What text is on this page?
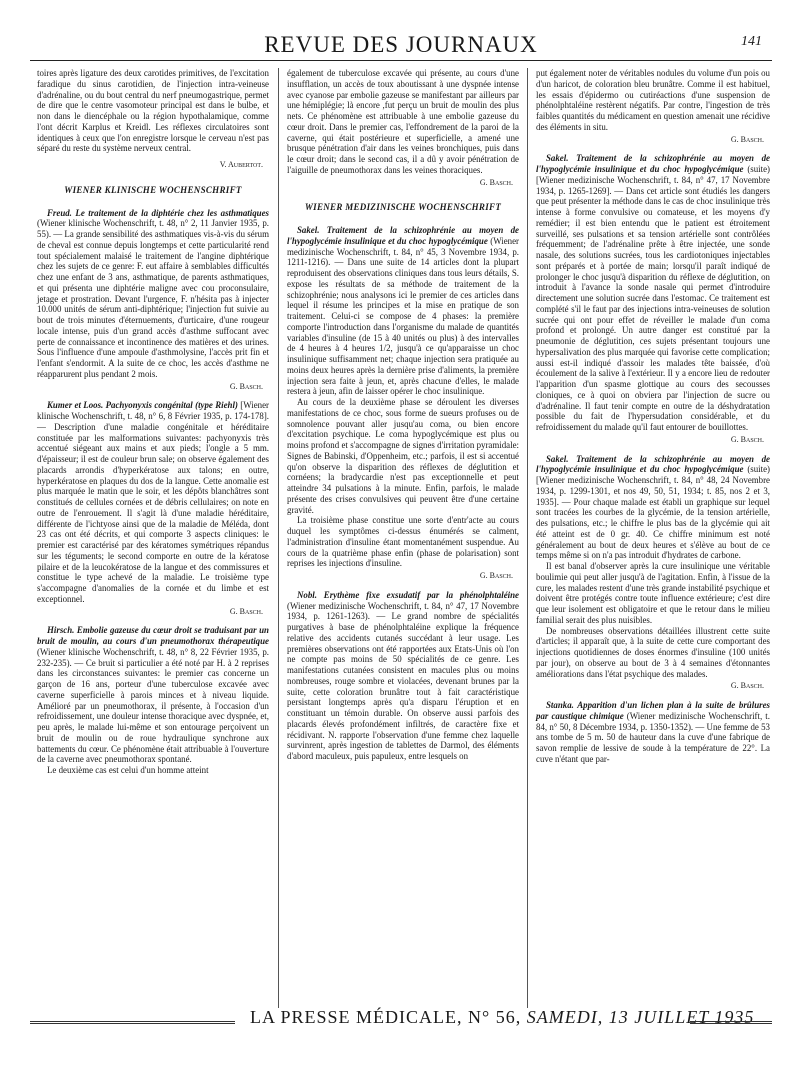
REVUE DES JOURNAUX	141

toires après ligature des deux carotides primitives, de l'excitation faradique du sinus carotidien, de l'injection intra-veineuse d'adrénaline, ou du bout central du nerf pneumogastrique, permet de dire que le centre vasomoteur principal est dans le bulbe, et non dans le diencéphale ou la région hypothalamique, comme l'ont décrit Karplus et Kreidl. Les réflexes circulatoires sont identiques à ceux que l'on enregistre lorsque le cerveau n'est pas séparé du reste du système nerveux central.

V. Aubertot.
WIENER KLINISCHE WOCHENSCHRIFT

Freud. Le traitement de la diphtérie chez les asthmatiques (Wiener klinische Wochenschrift, t. 48, n° 2, 11 Janvier 1935, p. 55). — La grande sensibilité des asthmatiques vis-à-vis du sérum de cheval est connue depuis longtemps et cette particularité rend tout spécialement malaisé le traitement de l'angine diphtérique chez les sujets de ce genre: F. eut affaire à semblables difficultés chez une enfant de 3 ans, asthmatique, de parents asthmatiques, et qui présenta une diphtérie maligne avec cou proconsulaire, jetage et prostration. Devant l'urgence, F. n'hésita pas à injecter 10.000 unités de sérum anti-diphtérique; l'injection fut suivie au bout de trois minutes d'éternuements, d'urticaire, d'une rougeur locale intense, puis d'un grand accès d'asthme suffocant avec perte de connaissance et incontinence des matières et des urines. Sous l'influence d'une ampoule d'asthmolysine, l'accès prit fin et l'enfant s'endormit. A la suite de ce choc, les accès d'asthme ne réapparurent plus pendant 2 mois.

G. Basch.

Kumer et Loos. Pachyonyxis congénital (type Riehl) [Wiener klinische Wochenschrift, t. 48, n° 6, 8 Février 1935, p. 174-178]. — Description d'une maladie congénitale et héréditaire constituée par les malformations suivantes: pachyonyxis très accentué siégeant aux mains et aux pieds; l'ongle a 5 mm. d'épaisseur; il est de couleur brun sale; on observe également des placards arrondis d'hyperkératose aux talons; en outre, hyperkératose en plaques du dos de la langue. Cette anomalie est plus marquée le matin que le soir, et les dépôts blanchâtres sont constitués de cellules cornées et de débris cellulaires; on note en outre de l'enrouement. Il s'agit là d'une maladie héréditaire, différente de l'ichtyose ainsi que de la maladie de Méléda, dont 23 cas ont été décrits, et qui comporte 3 aspects cliniques: le premier est caractérisé par des kératomes symétriques répandus sur les téguments; le second comporte en outre de la kératose pilaire et de la leucokératose de la langue et des commissures et constitue le type achevé de la maladie. Le troisième type s'accompagne d'anomalies de la cornée et du limbe et est exceptionnel.

G. Basch.

Hirsch. Embolie gazeuse du cœur droit se traduisant par un bruit de moulin, au cours d'un pneumothorax thérapeutique (Wiener klinische Wochenschrift, t. 48, n° 8, 22 Février 1935, p. 232-235). — Ce bruit si particulier a été noté par H. à 2 reprises dans les circonstances suivantes: le premier cas concerne un garçon de 16 ans, porteur d'une tuberculose excavée avec caverne superficielle à parois minces et à niveau liquide. Amélioré par un pneumothorax, il présente, à l'occasion d'un refroidissement, une douleur intense thoracique avec dyspnée, et, peu après, le malade lui-même et son entourage perçoivent un bruit de moulin ou de roue hydraulique synchrone aux battements du cœur. Ce phénomène était attribuable à l'ouverture de la caverne avec pneumothorax spontané.

Le deuxième cas est celui d'un homme atteint

également de tuberculose excavée qui présente, au cours d'une insufflation, un accès de toux aboutissant à une dyspnée intense avec cyanose par embolie gazeuse se manifestant par ailleurs par une hémiplégie; là encore ,fut perçu un bruit de moulin des plus nets. Ce phénomène est attribuable à une embolie gazeuse du cœur droit. Dans le premier cas, l'effondrement de la paroi de la caverne, qui était postérieure et superficielle, a amené une brusque pénétration d'air dans les veines bronchiques, puis dans le cœur droit; dans le second cas, il a dû y avoir pénétration de l'aiguille de pneumothorax dans les veines thoraciques.

G. Basch.
WIENER MEDIZINISCHE WOCHENSCHRIFT

Sakel. Traitement de la schizophrénie au moyen de l'hypoglycémie insulinique et du choc hypoglycémique (Wiener medizinische Wochenschrift, t. 84, n° 45, 3 Novembre 1934, p. 1211-1216). — Dans une suite de 14 articles dont la plupart reproduisent des observations cliniques dans tous leurs détails, S. expose les résultats de sa méthode de traitement de la schizophrénie; nous analysons ici le premier de ces articles dans lequel il résume les principes et la mise en pratique de son traitement. Celui-ci se compose de 4 phases: la première comporte l'introduction dans l'organisme du malade de quantités variables d'insuline (de 15 à 40 unités ou plus) à des intervalles de 4 heures à 4 heures 1/2, jusqu'à ce qu'apparaisse un choc insulinique suffisamment net; chaque injection sera pratiquée au moins deux heures après la dernière prise d'aliments, la première injection sera faite à jeun, et, après chacune d'elles, le malade restera à jeun, afin de laisser opérer le choc insulinique.

Au cours de la deuxième phase se déroulent les diverses manifestations de ce choc, sous forme de sueurs profuses ou de somnolence pouvant aller jusqu'au coma, ou bien encore d'excitation psychique. Le coma hypoglycémique est plus ou moins profond et s'accompagne de signes d'irritation pyramidale: Signes de Babinski, d'Oppenheim, etc.; parfois, il est si accentué qu'on observe la disparition des réflexes de déglutition et cornéens; la bradycardie n'est pas exceptionnelle et peut atteindre 34 pulsations à la minute. Enfin, parfois, le malade présente des crises convulsives qui peuvent être d'une certaine gravité.

La troisième phase constitue une sorte d'entr'acte au cours duquel les symptômes ci-dessus énumérés se calment, l'administration d'insuline étant momentanément suspendue. Au cours de la quatrième phase enfin (phase de polarisation) sont reprises les injections d'insuline.

G. Basch.

Nobl. Erythème fixe exsudatif par la phénolphtaléine (Wiener medizinische Wochenschrift, t. 84, n° 47, 17 Novembre 1934, p. 1261-1263). — Le grand nombre de spécialités purgatives à base de phénolphtaléine explique la fréquence relative des accidents cutanés succédant à leur usage. Les premières observations ont été rapportées aux Etats-Unis où l'on ne compte pas moins de 50 spécialités de ce genre. Les manifestations cutanées consistent en macules plus ou moins nombreuses, rouge sombre et violacées, devenant brunes par la suite, cette coloration brunâtre tout à fait caractéristique persistant longtemps après qu'a disparu l'éruption et en constituant un témoin durable. On observe aussi parfois des placards élevés profondément infiltrés, de caractère fixe et récidivant. N. rapporte l'observation d'une femme chez laquelle survinrent, après ingestion de tablettes de Darmol, des éléments d'abord maculeux, puis papuleux, entre lesquels on

put également noter de véritables nodules du volume d'un pois ou d'un haricot, de coloration bleu brunâtre. Comme il est habituel, les essais d'épidermo ou cutiréactions d'une suspension de phénolphtaléine restèrent négatifs. Par contre, l'ingestion de très faibles quantités du médicament en question amenait une récidive des éléments in situ.

G. Basch.

Sakel. Traitement de la schizophrénie au moyen de l'hypoglycémie insulinique et du choc hypoglycémique (suite) [Wiener medizinische Wochenschrift, t. 84, n° 47, 17 Novembre 1934, p. 1265-1269]. — Dans cet article sont étudiés les dangers que peut présenter la méthode dans le cas de choc insulinique très intense à forme convulsive ou comateuse, et les moyens d'y remédier; il est bien entendu que le patient est étroitement surveillé, ses pulsations et sa tension artérielle sont contrôlées fréquemment; de l'adrénaline prête à être injectée, une sonde nasale, des solutions sucrées, tous les cardiotoniques injectables sont préparés et à portée de main; lorsqu'il paraît indiqué de prolonger le choc jusqu'à disparition du réflexe de déglutition, on introduit à l'avance la sonde nasale qui permet d'introduire directement une solution sucrée dans l'estomac. Ce traitement est complété s'il le faut par des injections intra-veineuses de solution sucrée qui ont pour effet de réveiller le malade d'un coma profond et prolongé. Un autre danger est constitué par la pneumonie de déglutition, ces sujets présentant toujours une hypersalivation des plus marquée qui favorise cette complication; aussi est-il indiqué d'assoir les malades tête baissée, d'où écoulement de la salive à l'extérieur. Il y a encore lieu de redouter l'apparition d'un spasme glottique au cours des secousses cloniques, ce à quoi on obviera par l'injection de sucre ou d'adrénaline. Il faut tenir compte en outre de la déshydratation possible du fait de l'hypersudation considérable, et du refroidissement du malade qu'il faut entourer de bouillottes.

G. Basch.

Sakel. Traitement de la schizophrénie au moyen de l'hypoglycémie insulinique et du choc hypoglycémique (suite) [Wiener medizinische Wochenschrift, t. 84, n° 48, 24 Novembre 1934, p. 1299-1301, et nos 49, 50, 51, 1934; t. 85, nos 2 et 3, 1935]. — Pour chaque malade est établi un graphique sur lequel sont tracées les courbes de la glycémie, de la tension artérielle, des pulsations, etc.; le chiffre le plus bas de la glycémie qui ait été atteint est de 0 gr. 40. Ce chiffre minimum est noté généralement au bout de deux heures et s'élève au bout de ce temps même si on n'a pas introduit d'hydrates de carbone.

Il est banal d'observer après la cure insulinique une véritable boulimie qui peut aller jusqu'à de l'agitation. Enfin, à l'issue de la cure, les malades restent d'une très grande instabilité psychique et doivent être protégés contre toute influence extérieure; c'est dire que leur isolement est obligatoire et que le retour dans le milieu familial serait des plus nuisibles.

De nombreuses observations détaillées illustrent cette suite d'articles; il apparaît que, à la suite de cette cure comportant des injections quotidiennes de doses énormes d'insuline (100 unités par jour), on observe au bout de 3 à 4 semaines d'étonnantes améliorations dans l'état psychique des malades.

G. Basch.

Stanka. Apparition d'un lichen plan à la suite de brûlures par caustique chimique (Wiener medizinische Wochenschrift, t. 84, n° 50, 8 Décembre 1934, p. 1350-1352). — Une femme de 53 ans tombe de 5 m. 50 de hauteur dans la cuve d'une fabrique de savon remplie de lessive de soude à la température de 22°. La cuve n'étant que par-

LA PRESSE MÉDICALE, N° 56, SAMEDI, 13 JUILLET 1935
